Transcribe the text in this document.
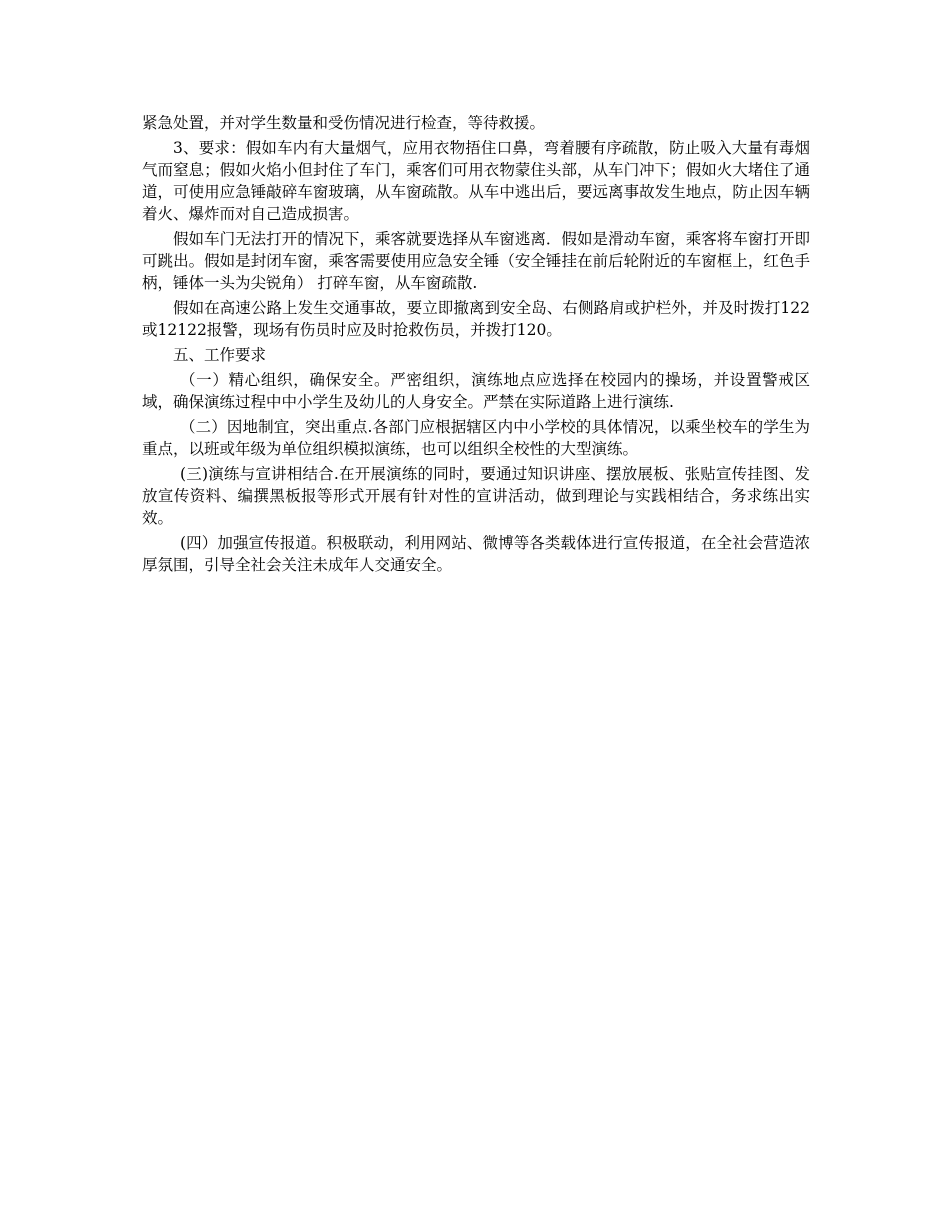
紧急处置，并对学生数量和受伤情况进行检查，等待救援。

3、要求：假如车内有大量烟气，应用衣物捂住口鼻，弯着腰有序疏散，防止吸入大量有毒烟气而窒息；假如火焰小但封住了车门，乘客们可用衣物蒙住头部，从车门冲下；假如火大堵住了通道，可使用应急锤敲碎车窗玻璃，从车窗疏散。从车中逃出后，要远离事故发生地点，防止因车辆着火、爆炸而对自己造成损害。

假如车门无法打开的情况下，乘客就要选择从车窗逃离．假如是滑动车窗，乘客将车窗打开即可跳出。假如是封闭车窗，乘客需要使用应急安全锤（安全锤挂在前后轮附近的车窗框上，红色手柄，锤体一头为尖锐角） 打碎车窗，从车窗疏散.

假如在高速公路上发生交通事故，要立即撤离到安全岛、右侧路肩或护栏外，并及时拨打122或12122报警，现场有伤员时应及时抢救伤员，并拨打120。

五、工作要求

（一）精心组织，确保安全。严密组织，演练地点应选择在校园内的操场，并设置警戒区域，确保演练过程中中小学生及幼儿的人身安全。严禁在实际道路上进行演练.

（二）因地制宜，突出重点.各部门应根据辖区内中小学校的具体情况，以乘坐校车的学生为重点，以班或年级为单位组织模拟演练，也可以组织全校性的大型演练。

(三)演练与宣讲相结合.在开展演练的同时，要通过知识讲座、摆放展板、张贴宣传挂图、发放宣传资料、编撰黑板报等形式开展有针对性的宣讲活动，做到理论与实践相结合，务求练出实效。

(四）加强宣传报道。积极联动，利用网站、微博等各类载体进行宣传报道，在全社会营造浓厚氛围，引导全社会关注未成年人交通安全。
